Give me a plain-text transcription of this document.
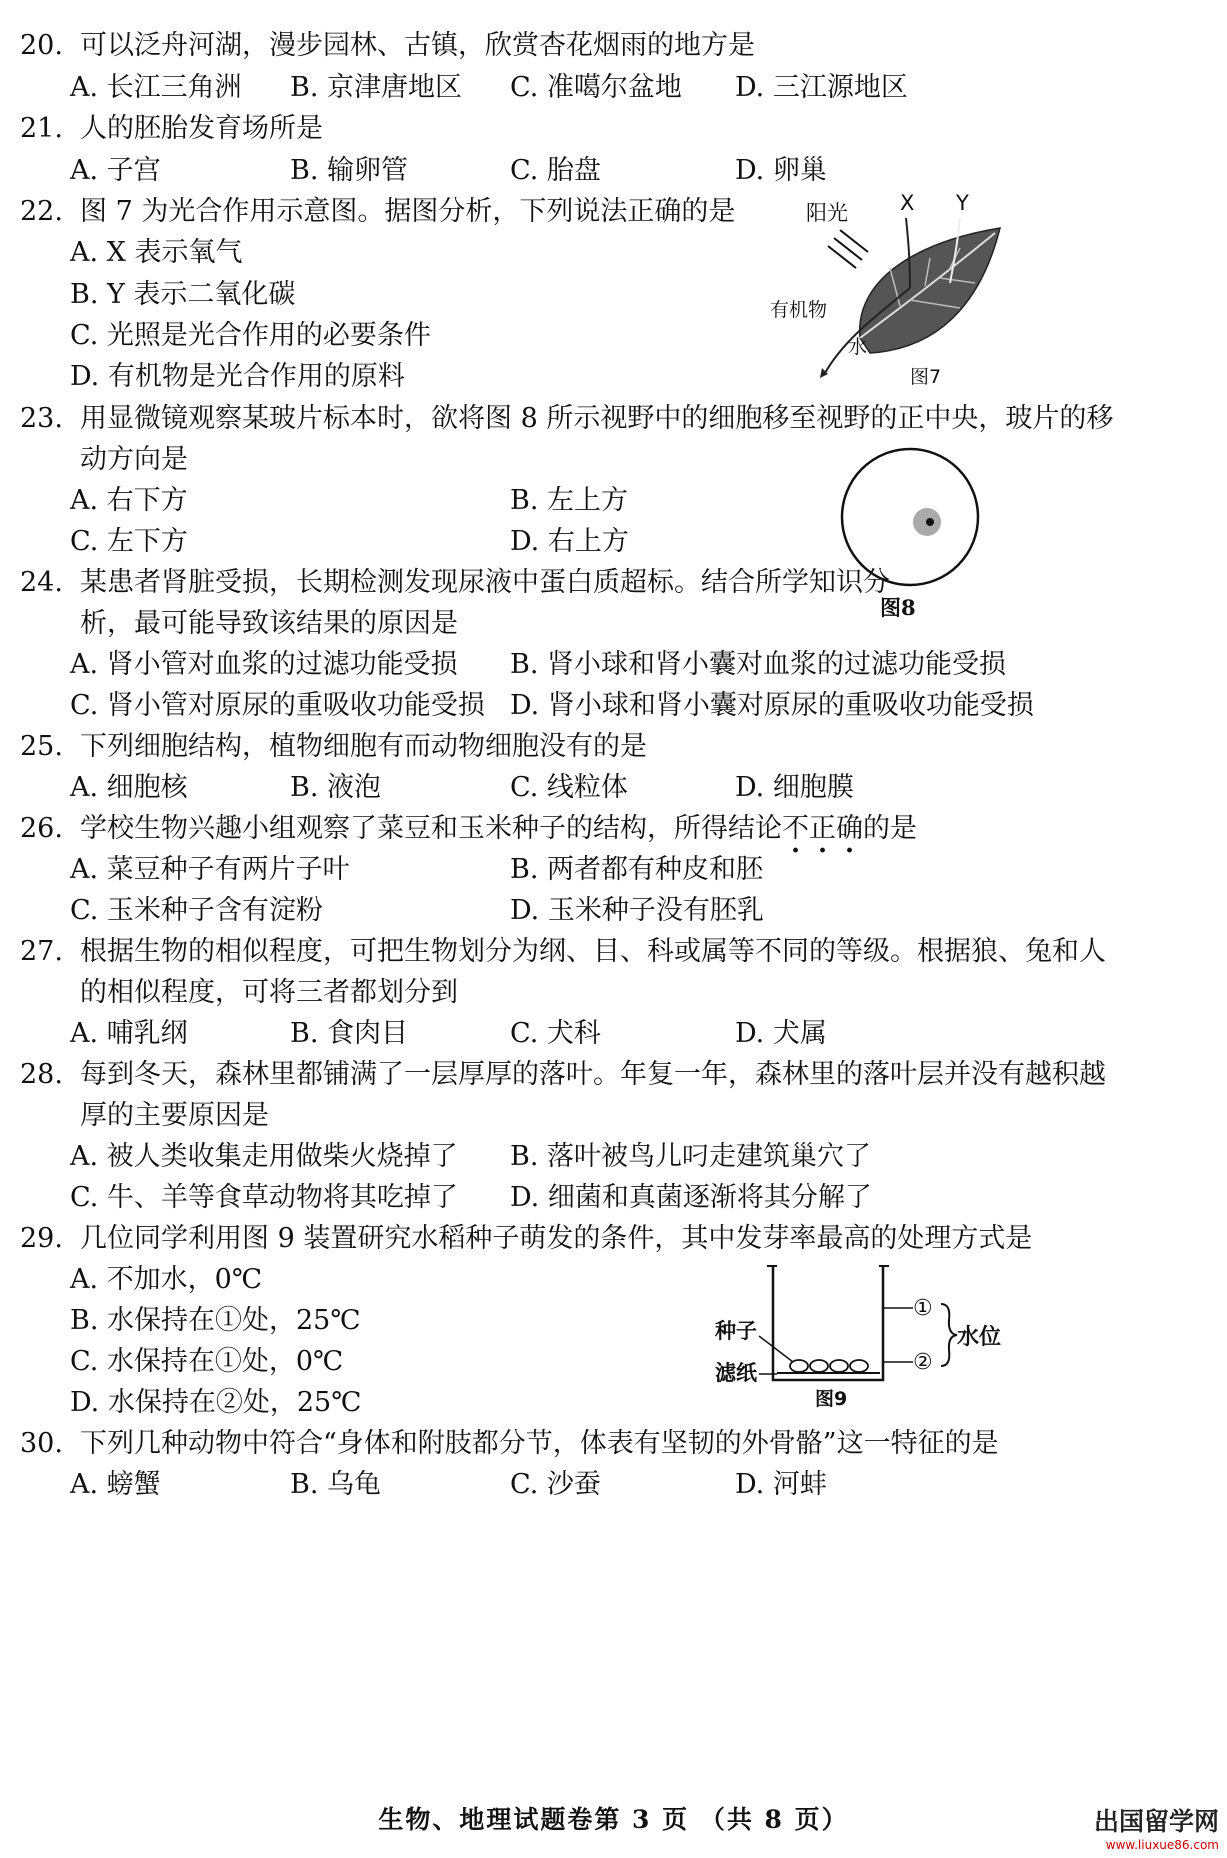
20. 可以泛舟河湖，漫步园林、古镇，欣赏杏花烟雨的地方是
A. 长江三角洲 B. 京津唐地区 C. 准噶尔盆地 D. 三江源地区
21. 人的胚胎发育场所是
A. 子宫	B. 输卵管	C. 胎盘	D. 卵巢
22. 图 7 为光合作用示意图。据图分析，下列说法正确的是
A. X 表示氧气
B. Y 表示二氧化碳
C. 光照是光合作用的必要条件
D. 有机物是光合作用的原料
阳光 X Y
有机物
水
图7
23. 用显微镜观察某玻片标本时，欲将图 8 所示视野中的细胞移至视野的正中央，玻片的移
动方向是
A. 右下方	B. 左上方
C. 左下方	D. 右上方
图8
24. 某患者肾脏受损，长期检测发现尿液中蛋白质超标。结合所学知识分
析，最可能导致该结果的原因是
A. 肾小管对血浆的过滤功能受损 B. 肾小球和肾小囊对血浆的过滤功能受损
C. 肾小管对原尿的重吸收功能受损 D. 肾小球和肾小囊对原尿的重吸收功能受损
25. 下列细胞结构，植物细胞有而动物细胞没有的是
A. 细胞核	B. 液泡	C. 线粒体	D. 细胞膜
26. 学校生物兴趣小组观察了菜豆和玉米种子的结构，所得结论不正确的是
A. 菜豆种子有两片子叶	B. 两者都有种皮和胚
C. 玉米种子含有淀粉	D. 玉米种子没有胚乳
27. 根据生物的相似程度，可把生物划分为纲、目、科或属等不同的等级。根据狼、兔和人
的相似程度，可将三者都划分到
A. 哺乳纲	B. 食肉目	C. 犬科	D. 犬属
28. 每到冬天，森林里都铺满了一层厚厚的落叶。年复一年，森林里的落叶层并没有越积越
厚的主要原因是
A. 被人类收集走用做柴火烧掉了 B. 落叶被鸟儿叼走建筑巢穴了
C. 牛、羊等食草动物将其吃掉了 D. 细菌和真菌逐渐将其分解了
29. 几位同学利用图 9 装置研究水稻种子萌发的条件，其中发芽率最高的处理方式是
A. 不加水，0℃
B. 水保持在①处，25℃
C. 水保持在①处，0℃
D. 水保持在②处，25℃
①
②
水位
种子
滤纸
图9
30. 下列几种动物中符合“身体和附肢都分节，体表有坚韧的外骨骼”这一特征的是
A. 螃蟹	B. 乌龟	C. 沙蚕	D. 河蚌
生物、地理试题卷第 3 页 （共 8 页）	出国留学网
www.liuxue86.com
